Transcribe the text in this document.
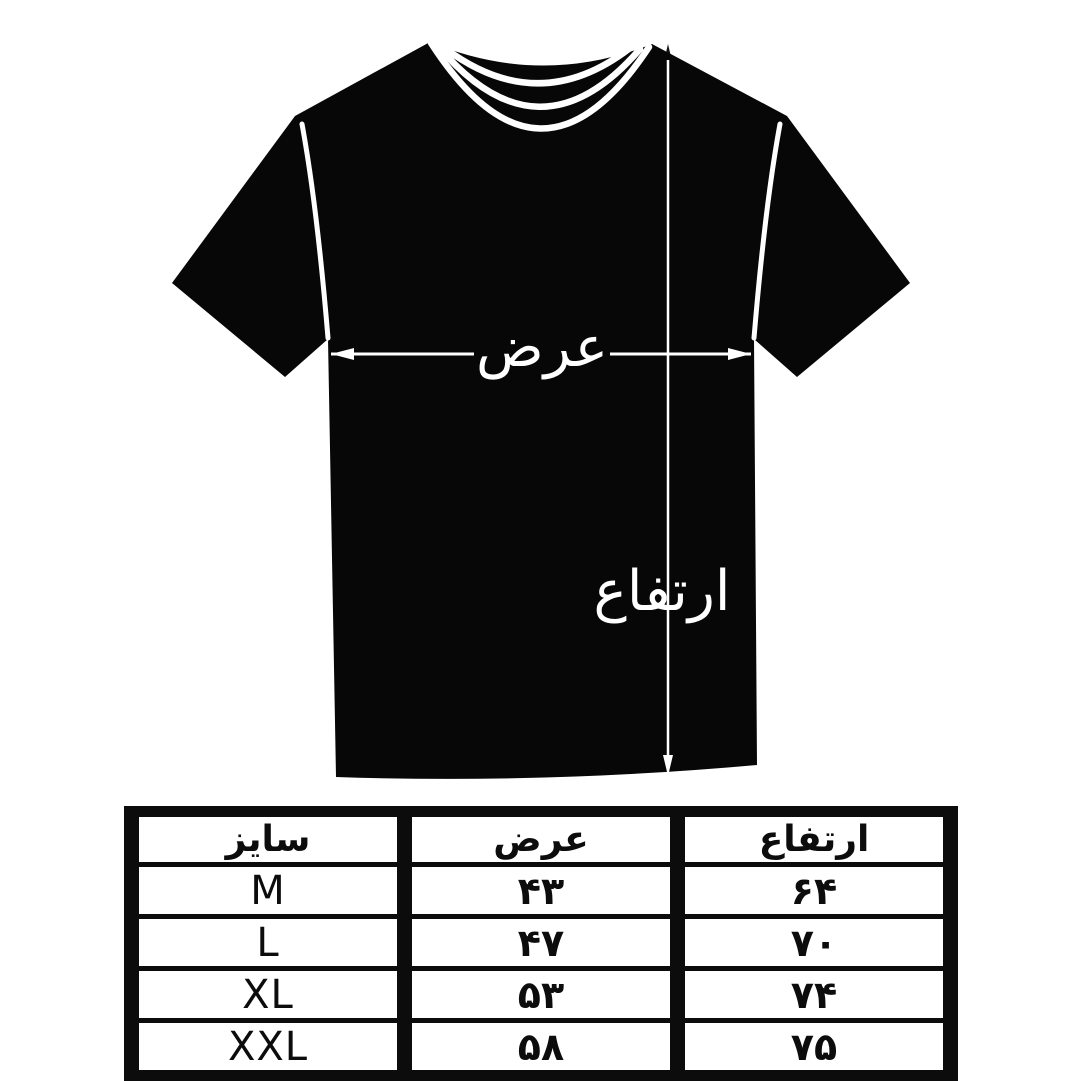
عرض
ارتفاع
سایز	عرض	ارتفاع
M	۴۳	۶۴
L	۴۷	۷۰
XL	۵۳	۷۴
XXL	۵۸	۷۵
